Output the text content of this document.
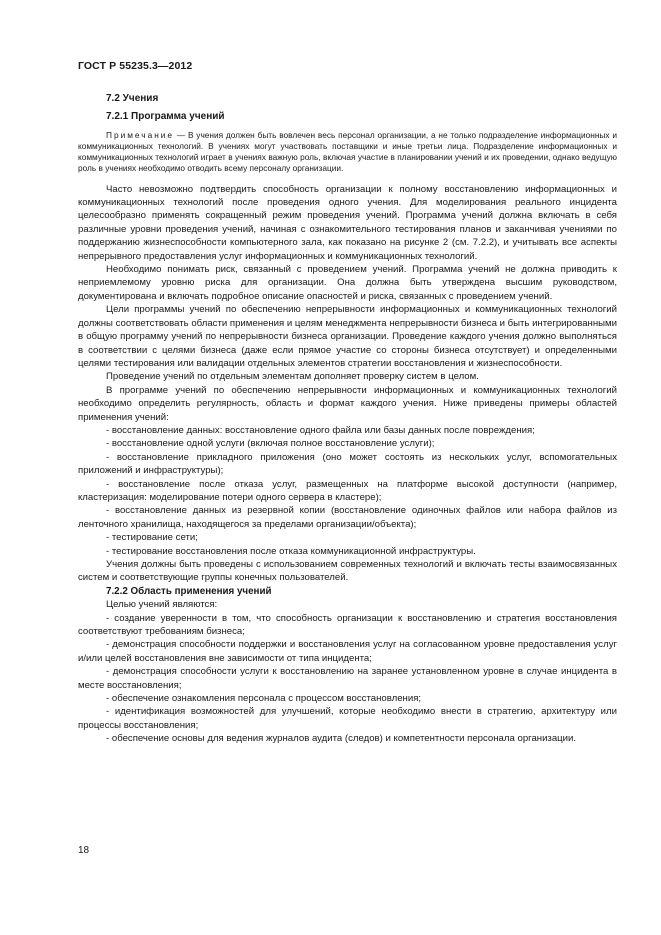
ГОСТ Р 55235.3—2012
7.2 Учения
7.2.1 Программа учений

Примечание — В учения должен быть вовлечен весь персонал организации, а не только подразделение информационных и коммуникационных технологий. В учениях могут участвовать поставщики и иные третьи лица. Подразделение информационных и коммуникационных технологий играет в учениях важную роль, включая участие в планировании учений и их проведении, однако ведущую роль в учениях необходимо отводить всему персоналу организации.

Часто невозможно подтвердить способность организации к полному восстановлению информационных и коммуникационных технологий после проведения одного учения. Для моделирования реального инцидента целесообразно применять сокращенный режим проведения учений. Программа учений должна включать в себя различные уровни проведения учений, начиная с ознакомительного тестирования планов и заканчивая учениями по поддержанию жизнеспособности компьютерного зала, как показано на рисунке 2 (см. 7.2.2), и учитывать все аспекты непрерывного предоставления услуг информационных и коммуникационных технологий.

Необходимо понимать риск, связанный с проведением учений. Программа учений не должна приводить к неприемлемому уровню риска для организации. Она должна быть утверждена высшим руководством, документирована и включать подробное описание опасностей и риска, связанных с проведением учений.

Цели программы учений по обеспечению непрерывности информационных и коммуникационных технологий должны соответствовать области применения и целям менеджмента непрерывности бизнеса и быть интегрированными в общую программу учений по непрерывности бизнеса организации. Проведение каждого учения должно выполняться в соответствии с целями бизнеса (даже если прямое участие со стороны бизнеса отсутствует) и определенными целями тестирования или валидации отдельных элементов стратегии восстановления и жизнеспособности.

Проведение учений по отдельным элементам дополняет проверку систем в целом.

В программе учений по обеспечению непрерывности информационных и коммуникационных технологий необходимо определить регулярность, область и формат каждого учения. Ниже приведены примеры областей применения учений:

- восстановление данных: восстановление одного файла или базы данных после повреждения;

- восстановление одной услуги (включая полное восстановление услуги);

- восстановление прикладного приложения (оно может состоять из нескольких услуг, вспомогательных приложений и инфраструктуры);

- восстановление после отказа услуг, размещенных на платформе высокой доступности (например, кластеризация: моделирование потери одного сервера в кластере);

- восстановление данных из резервной копии (восстановление одиночных файлов или набора файлов из ленточного хранилища, находящегося за пределами организации/объекта);

- тестирование сети;

- тестирование восстановления после отказа коммуникационной инфраструктуры.

Учения должны быть проведены с использованием современных технологий и включать тесты взаимосвязанных систем и соответствующие группы конечных пользователей.

7.2.2 Область применения учений

Целью учений являются:

- создание уверенности в том, что способность организации к восстановлению и стратегия восстановления соответствуют требованиям бизнеса;

- демонстрация способности поддержки и восстановления услуг на согласованном уровне предоставления услуг и/или целей восстановления вне зависимости от типа инцидента;

- демонстрация способности услуги к восстановлению на заранее установленном уровне в случае инцидента в месте восстановления;

- обеспечение ознакомления персонала с процессом восстановления;

- идентификация возможностей для улучшений, которые необходимо внести в стратегию, архитектуру или процессы восстановления;

- обеспечение основы для ведения журналов аудита (следов) и компетентности персонала организации.

18
